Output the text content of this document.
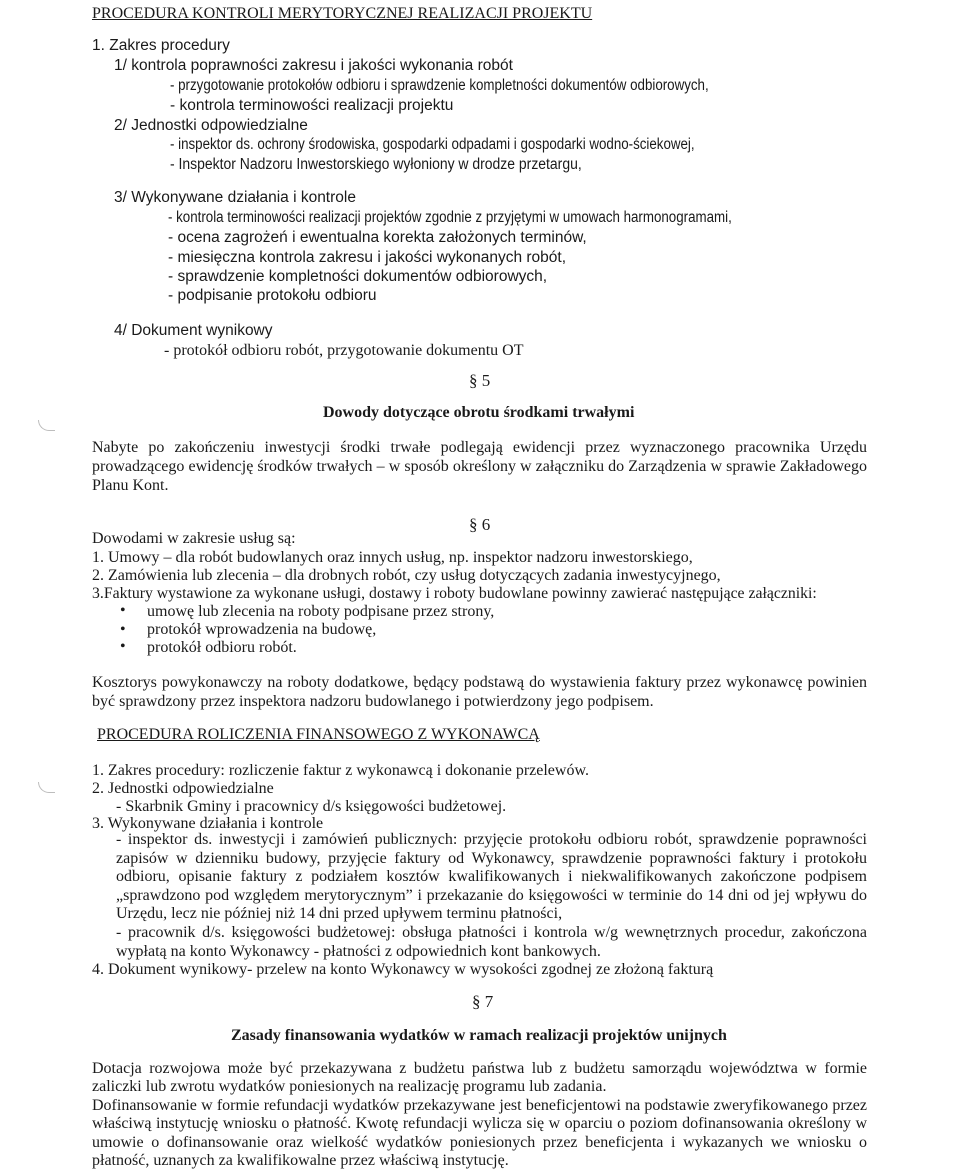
PROCEDURA KONTROLI MERYTORYCZNEJ REALIZACJI PROJEKTU
1. Zakres procedury
1/ kontrola poprawności zakresu i jakości wykonania robót
- przygotowanie protokołów odbioru i sprawdzenie kompletności dokumentów odbiorowych,
- kontrola terminowości realizacji projektu
2/ Jednostki odpowiedzialne
- inspektor ds. ochrony środowiska, gospodarki odpadami i gospodarki wodno-ściekowej,
- Inspektor Nadzoru Inwestorskiego wyłoniony w drodze przetargu,
3/ Wykonywane działania i kontrole
- kontrola terminowości realizacji projektów zgodnie z przyjętymi w umowach harmonogramami,
- ocena zagrożeń i ewentualna korekta założonych terminów,
- miesięczna kontrola zakresu i jakości wykonanych robót,
- sprawdzenie kompletności dokumentów odbiorowych,
- podpisanie protokołu odbioru
4/ Dokument wynikowy
- protokół odbioru robót, przygotowanie dokumentu OT
§ 5
Dowody dotyczące obrotu środkami trwałymi
Nabyte po zakończeniu inwestycji środki trwałe podlegają ewidencji przez wyznaczonego pracownika Urzędu prowadzącego ewidencję środków trwałych – w sposób określony w załączniku do Zarządzenia w sprawie Zakładowego Planu Kont.
§ 6
Dowodami w zakresie usług są:
1. Umowy – dla robót budowlanych oraz innych usług, np. inspektor nadzoru inwestorskiego,
2. Zamówienia lub zlecenia – dla drobnych robót, czy usług dotyczących zadania inwestycyjnego,
3.Faktury wystawione za wykonane usługi, dostawy i roboty budowlane powinny zawierać następujące załączniki:
• umowę lub zlecenia na roboty podpisane przez strony,
• protokół wprowadzenia na budowę,
• protokół odbioru robót.
Kosztorys powykonawczy na roboty dodatkowe, będący podstawą do wystawienia faktury przez wykonawcę powinien być sprawdzony przez inspektora nadzoru budowlanego i potwierdzony jego podpisem.
PROCEDURA ROLICZENIA FINANSOWEGO Z WYKONAWCĄ
1. Zakres procedury: rozliczenie faktur z wykonawcą i dokonanie przelewów.
2. Jednostki odpowiedzialne
- Skarbnik Gminy i pracownicy d/s księgowości budżetowej.
3. Wykonywane działania i kontrole
- inspektor ds. inwestycji i zamówień publicznych: przyjęcie protokołu odbioru robót, sprawdzenie poprawności zapisów w dzienniku budowy, przyjęcie faktury od Wykonawcy, sprawdzenie poprawności faktury i protokołu odbioru, opisanie faktury z podziałem kosztów kwalifikowanych i niekwalifikowanych zakończone podpisem „sprawdzono pod względem merytorycznym” i przekazanie do księgowości w terminie do 14 dni od jej wpływu do Urzędu, lecz nie później niż 14 dni przed upływem terminu płatności,
- pracownik d/s. księgowości budżetowej: obsługa płatności i kontrola w/g wewnętrznych procedur, zakończona wypłatą na konto Wykonawcy - płatności z odpowiednich kont bankowych.
4. Dokument wynikowy- przelew na konto Wykonawcy w wysokości zgodnej ze złożoną fakturą
§ 7
Zasady finansowania wydatków w ramach realizacji projektów unijnych
Dotacja rozwojowa może być przekazywana z budżetu państwa lub z budżetu samorządu województwa w formie zaliczki lub zwrotu wydatków poniesionych na realizację programu lub zadania.
Dofinansowanie w formie refundacji wydatków przekazywane jest beneficjentowi na podstawie zweryfikowanego przez właściwą instytucję wniosku o płatność. Kwotę refundacji wylicza się w oparciu o poziom dofinansowania określony w umowie o dofinansowanie oraz wielkość wydatków poniesionych przez beneficjenta i wykazanych we wniosku o płatność, uznanych za kwalifikowalne przez właściwą instytucję.
